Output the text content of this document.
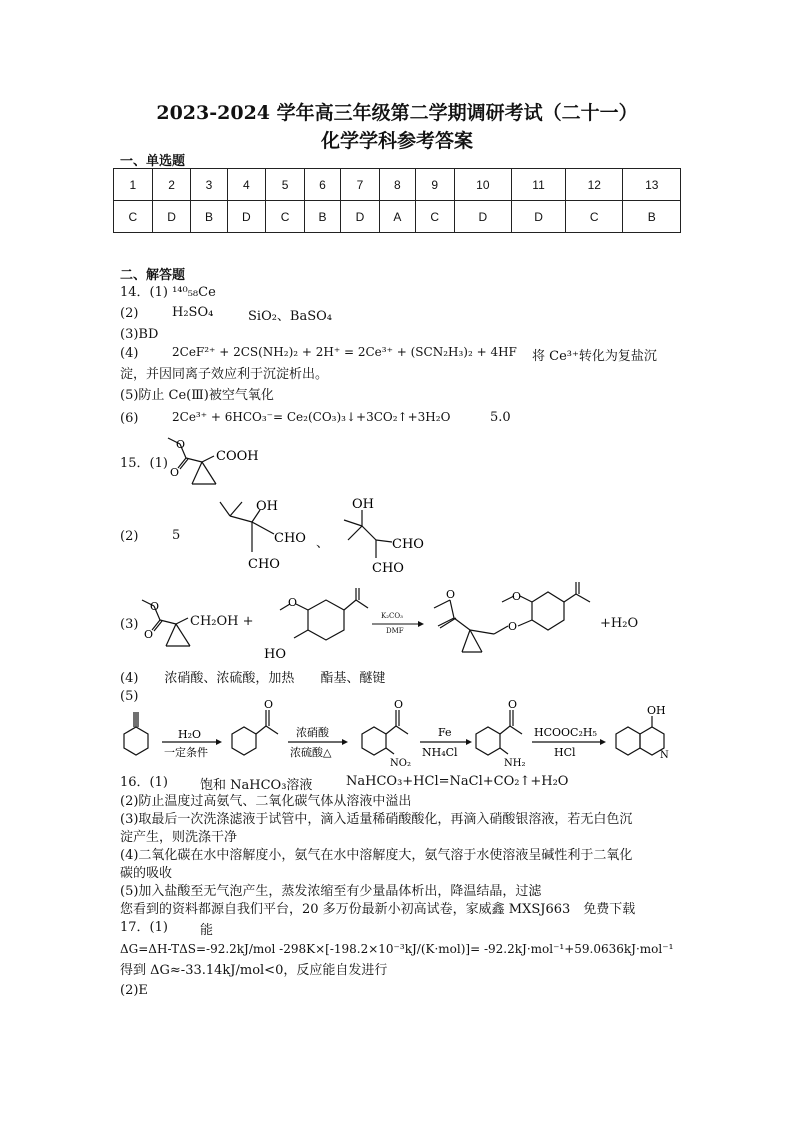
2023-2024 学年高三年级第二学期调研考试（二十一）
化学学科参考答案
一、单选题
1	2	3	4	5	6	7	8	9	10	11	12	13
C	D	B	D	C	B	D	A	C	D	D	C	B
二、解答题
14．(1) ¹⁴⁰₅₈Ce
(2)	H₂SO₄	SiO₂、BaSO₄
(3)BD
(4)	2CeF²⁺ + 2CS(NH₂)₂ + 2H⁺ = 2Ce³⁺ + (SCN₂H₃)₂ + 4HF 将 Ce³⁺转化为复盐沉
淀，并因同离子效应利于沉淀析出。
(5)防止 Ce(Ⅲ)被空气氧化
(6)	2Ce³⁺ + 6HCO₃⁻= Ce₂(CO₃)₃↓+3CO₂↑+3H₂O	5.0
15．(1)
O
O
COOH
(2)	5
OH
CHO
CHO
、
OH
CHO
CHO
(3)
O
O
CH₂OH +
O
HO
K₂CO₃
DMF
O
O
O
+H₂O
(4)　　浓硝酸、浓硫酸，加热　　酯基、醚键
(5)
O	O	O
H₂O
一定条件
浓硝酸
浓硫酸△
NO₂
Fe
NH₄Cl
NH₂
HCOOC₂H₅
HCl
OH
N
16．(1) 饱和 NaHCO₃溶液	NaHCO₃+HCl=NaCl+CO₂↑+H₂O
(2)防止温度过高氨气、二氧化碳气体从溶液中溢出
(3)取最后一次洗涤滤液于试管中，滴入适量稀硝酸酸化，再滴入硝酸银溶液，若无白色沉
淀产生，则洗涤干净
(4)二氧化碳在水中溶解度小，氨气在水中溶解度大，氨气溶于水使溶液呈碱性利于二氧化
碳的吸收
(5)加入盐酸至无气泡产生，蒸发浓缩至有少量晶体析出，降温结晶，过滤
您看到的资料都源自我们平台，20 多万份最新小初高试卷，家威鑫 MXSJ663　免费下载
17．(1) 能
ΔG=ΔH-TΔS=-92.2kJ/mol -298K×[-198.2×10⁻³kJ/(K·mol)]= -92.2kJ·mol⁻¹+59.0636kJ·mol⁻¹
得到 ΔG≈-33.14kJ/mol<0，反应能自发进行
(2)E
